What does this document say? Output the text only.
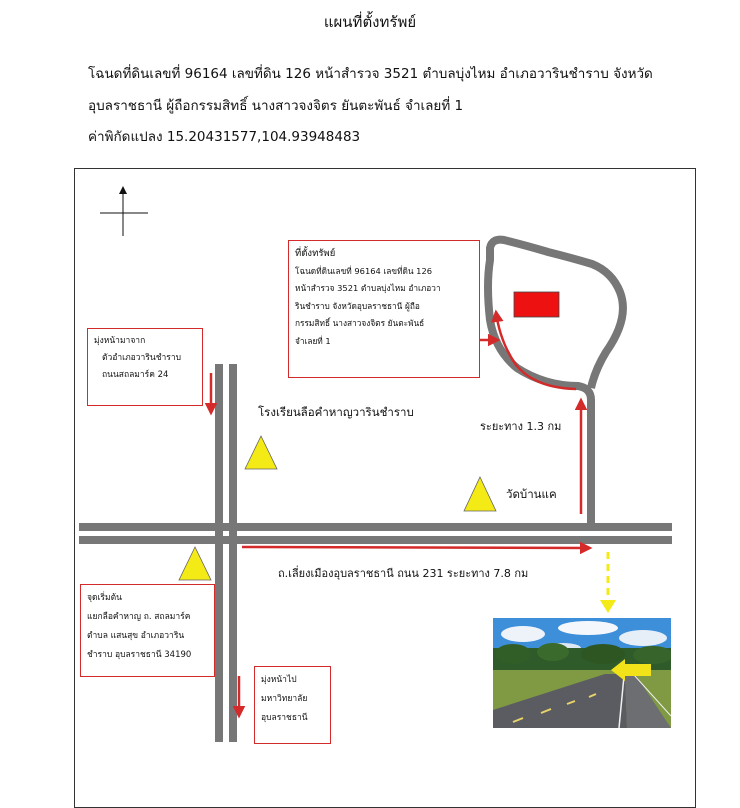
แผนที่ตั้งทรัพย์
โฉนดที่ดินเลขที่ 96164 เลขที่ดิน 126 หน้าสำรวจ 3521 ตำบลบุ่งไหม อำเภอวารินชำราบ จังหวัด
อุบลราชธานี ผู้ถือกรรมสิทธิ์ นางสาวจงจิตร ยันตะพันธ์ จำเลยที่ 1
ค่าพิกัดแปลง 15.20431577,104.93948483
ที่ตั้งทรัพย์
โฉนดที่ดินเลขที่ 96164 เลขที่ดิน 126
หน้าสำรวจ 3521 ตำบลบุ่งไหม อำเภอวา
รินชำราบ จังหวัดอุบลราชธานี ผู้ถือ
กรรมสิทธิ์ นางสาวจงจิตร ยันตะพันธ์
จำเลยที่ 1
มุ่งหน้ามาจาก
ตัวอำเภอวารินชำราบ
ถนนสถลมาร์ค 24
จุดเริ่มต้น
แยกลือคำหาญ ถ. สถลมาร์ค
ตำบล แสนสุข อำเภอวาริน
ชำราบ อุบลราชธานี 34190
มุ่งหน้าไป
มหาวิทยาลัย
อุบลราชธานี
โรงเรียนลือคำหาญวารินชำราบ
ระยะทาง 1.3 กม
วัดบ้านแค
ถ.เลี่ยงเมืองอุบลราชธานี ถนน 231 ระยะทาง 7.8 กม
